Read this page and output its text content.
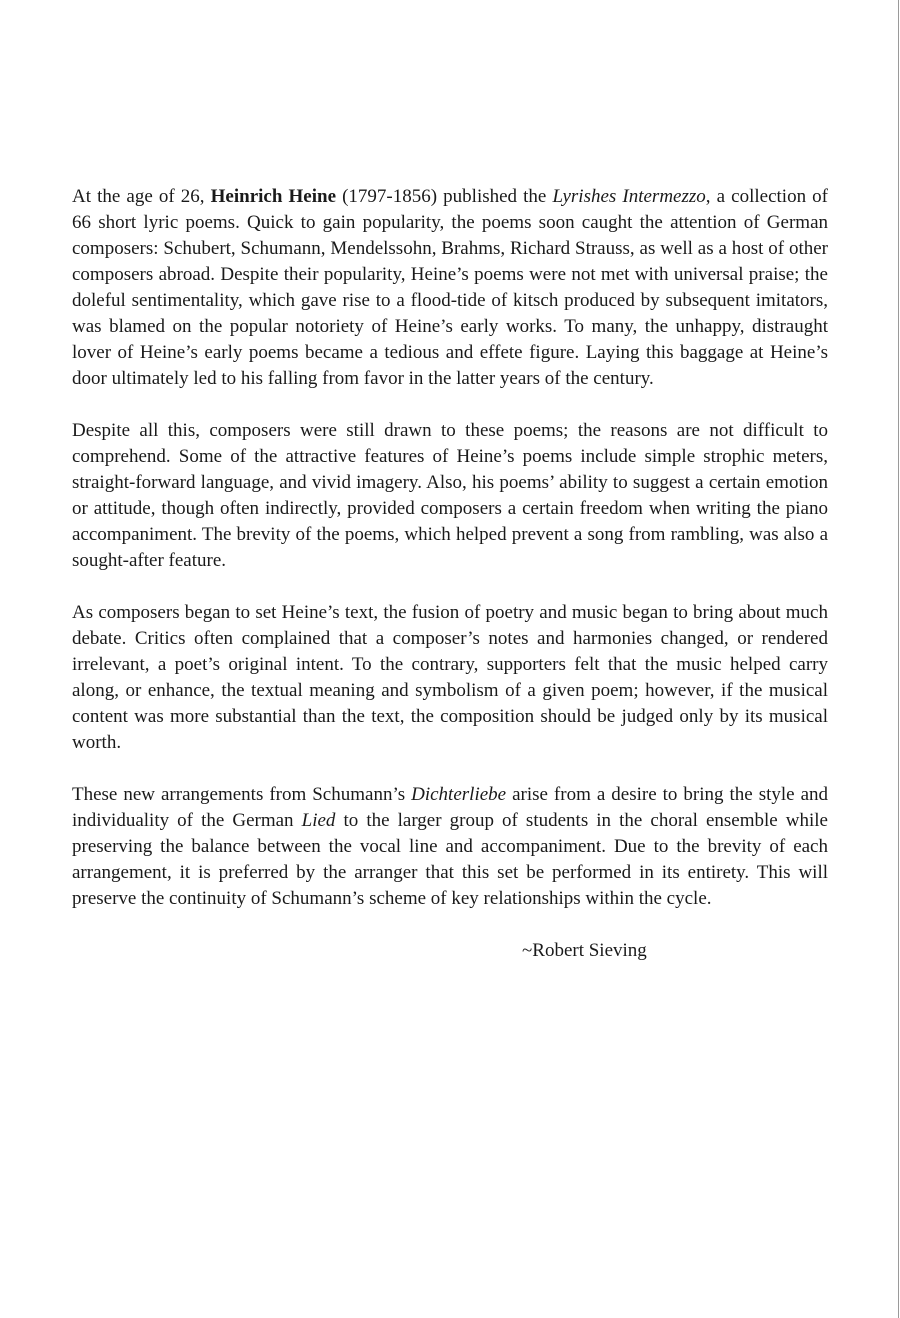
At the age of 26, Heinrich Heine (1797-1856) published the Lyrishes Intermezzo, a collection of 66 short lyric poems. Quick to gain popularity, the poems soon caught the attention of German composers: Schubert, Schumann, Mendelssohn, Brahms, Richard Strauss, as well as a host of other composers abroad. Despite their popularity, Heine’s poems were not met with universal praise; the doleful sentimentality, which gave rise to a flood-tide of kitsch produced by subsequent imitators, was blamed on the popular notoriety of Heine’s early works. To many, the unhappy, distraught lover of Heine’s early poems became a tedious and effete figure. Laying this baggage at Heine’s door ultimately led to his falling from favor in the latter years of the century.

Despite all this, composers were still drawn to these poems; the reasons are not difficult to comprehend. Some of the attractive features of Heine’s poems include simple strophic meters, straight-forward language, and vivid imagery. Also, his poems’ ability to suggest a certain emotion or attitude, though often indirectly, provided composers a certain freedom when writing the piano accompaniment. The brevity of the poems, which helped prevent a song from rambling, was also a sought-after feature.

As composers began to set Heine’s text, the fusion of poetry and music began to bring about much debate. Critics often complained that a composer’s notes and harmonies changed, or rendered irrelevant, a poet’s original intent. To the contrary, supporters felt that the music helped carry along, or enhance, the textual meaning and symbolism of a given poem; however, if the musical content was more substantial than the text, the composition should be judged only by its musical worth.

These new arrangements from Schumann’s Dichterliebe arise from a desire to bring the style and individuality of the German Lied to the larger group of students in the choral ensemble while preserving the balance between the vocal line and accompaniment. Due to the brevity of each arrangement, it is preferred by the arranger that this set be performed in its entirety. This will preserve the continuity of Schumann’s scheme of key relationships within the cycle.

~Robert Sieving
